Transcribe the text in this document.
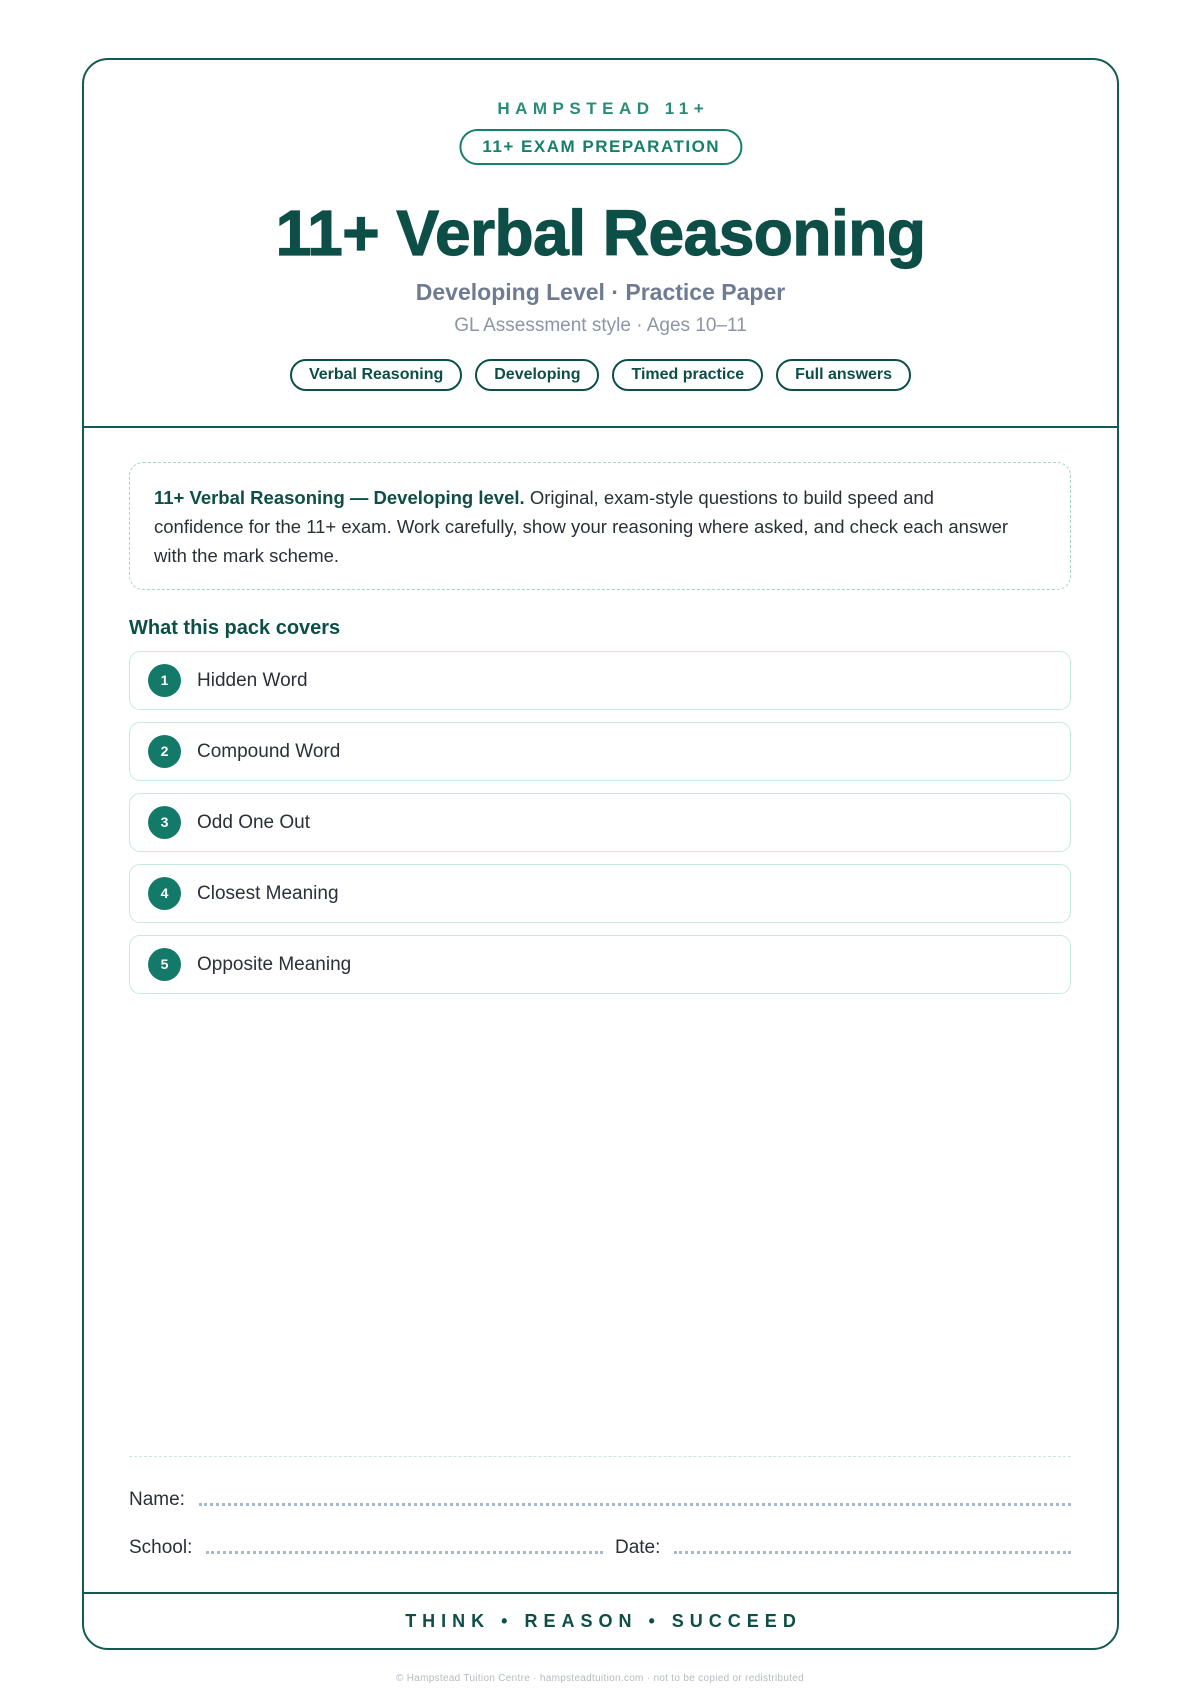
HAMPSTEAD 11+
11+ EXAM PREPARATION
11+ Verbal Reasoning
Developing Level · Practice Paper
GL Assessment style · Ages 10–11
Verbal Reasoning	Developing	Timed practice	Full answers
11+ Verbal Reasoning — Developing level. Original, exam-style questions to build speed and confidence for the 11+ exam. Work carefully, show your reasoning where asked, and check each answer with the mark scheme.
What this pack covers
1	Hidden Word
2	Compound Word
3	Odd One Out
4	Closest Meaning
5	Opposite Meaning
Name:
School:	Date:
THINK • REASON • SUCCEED
© Hampstead Tuition Centre · hampsteadtuition.com · not to be copied or redistributed
